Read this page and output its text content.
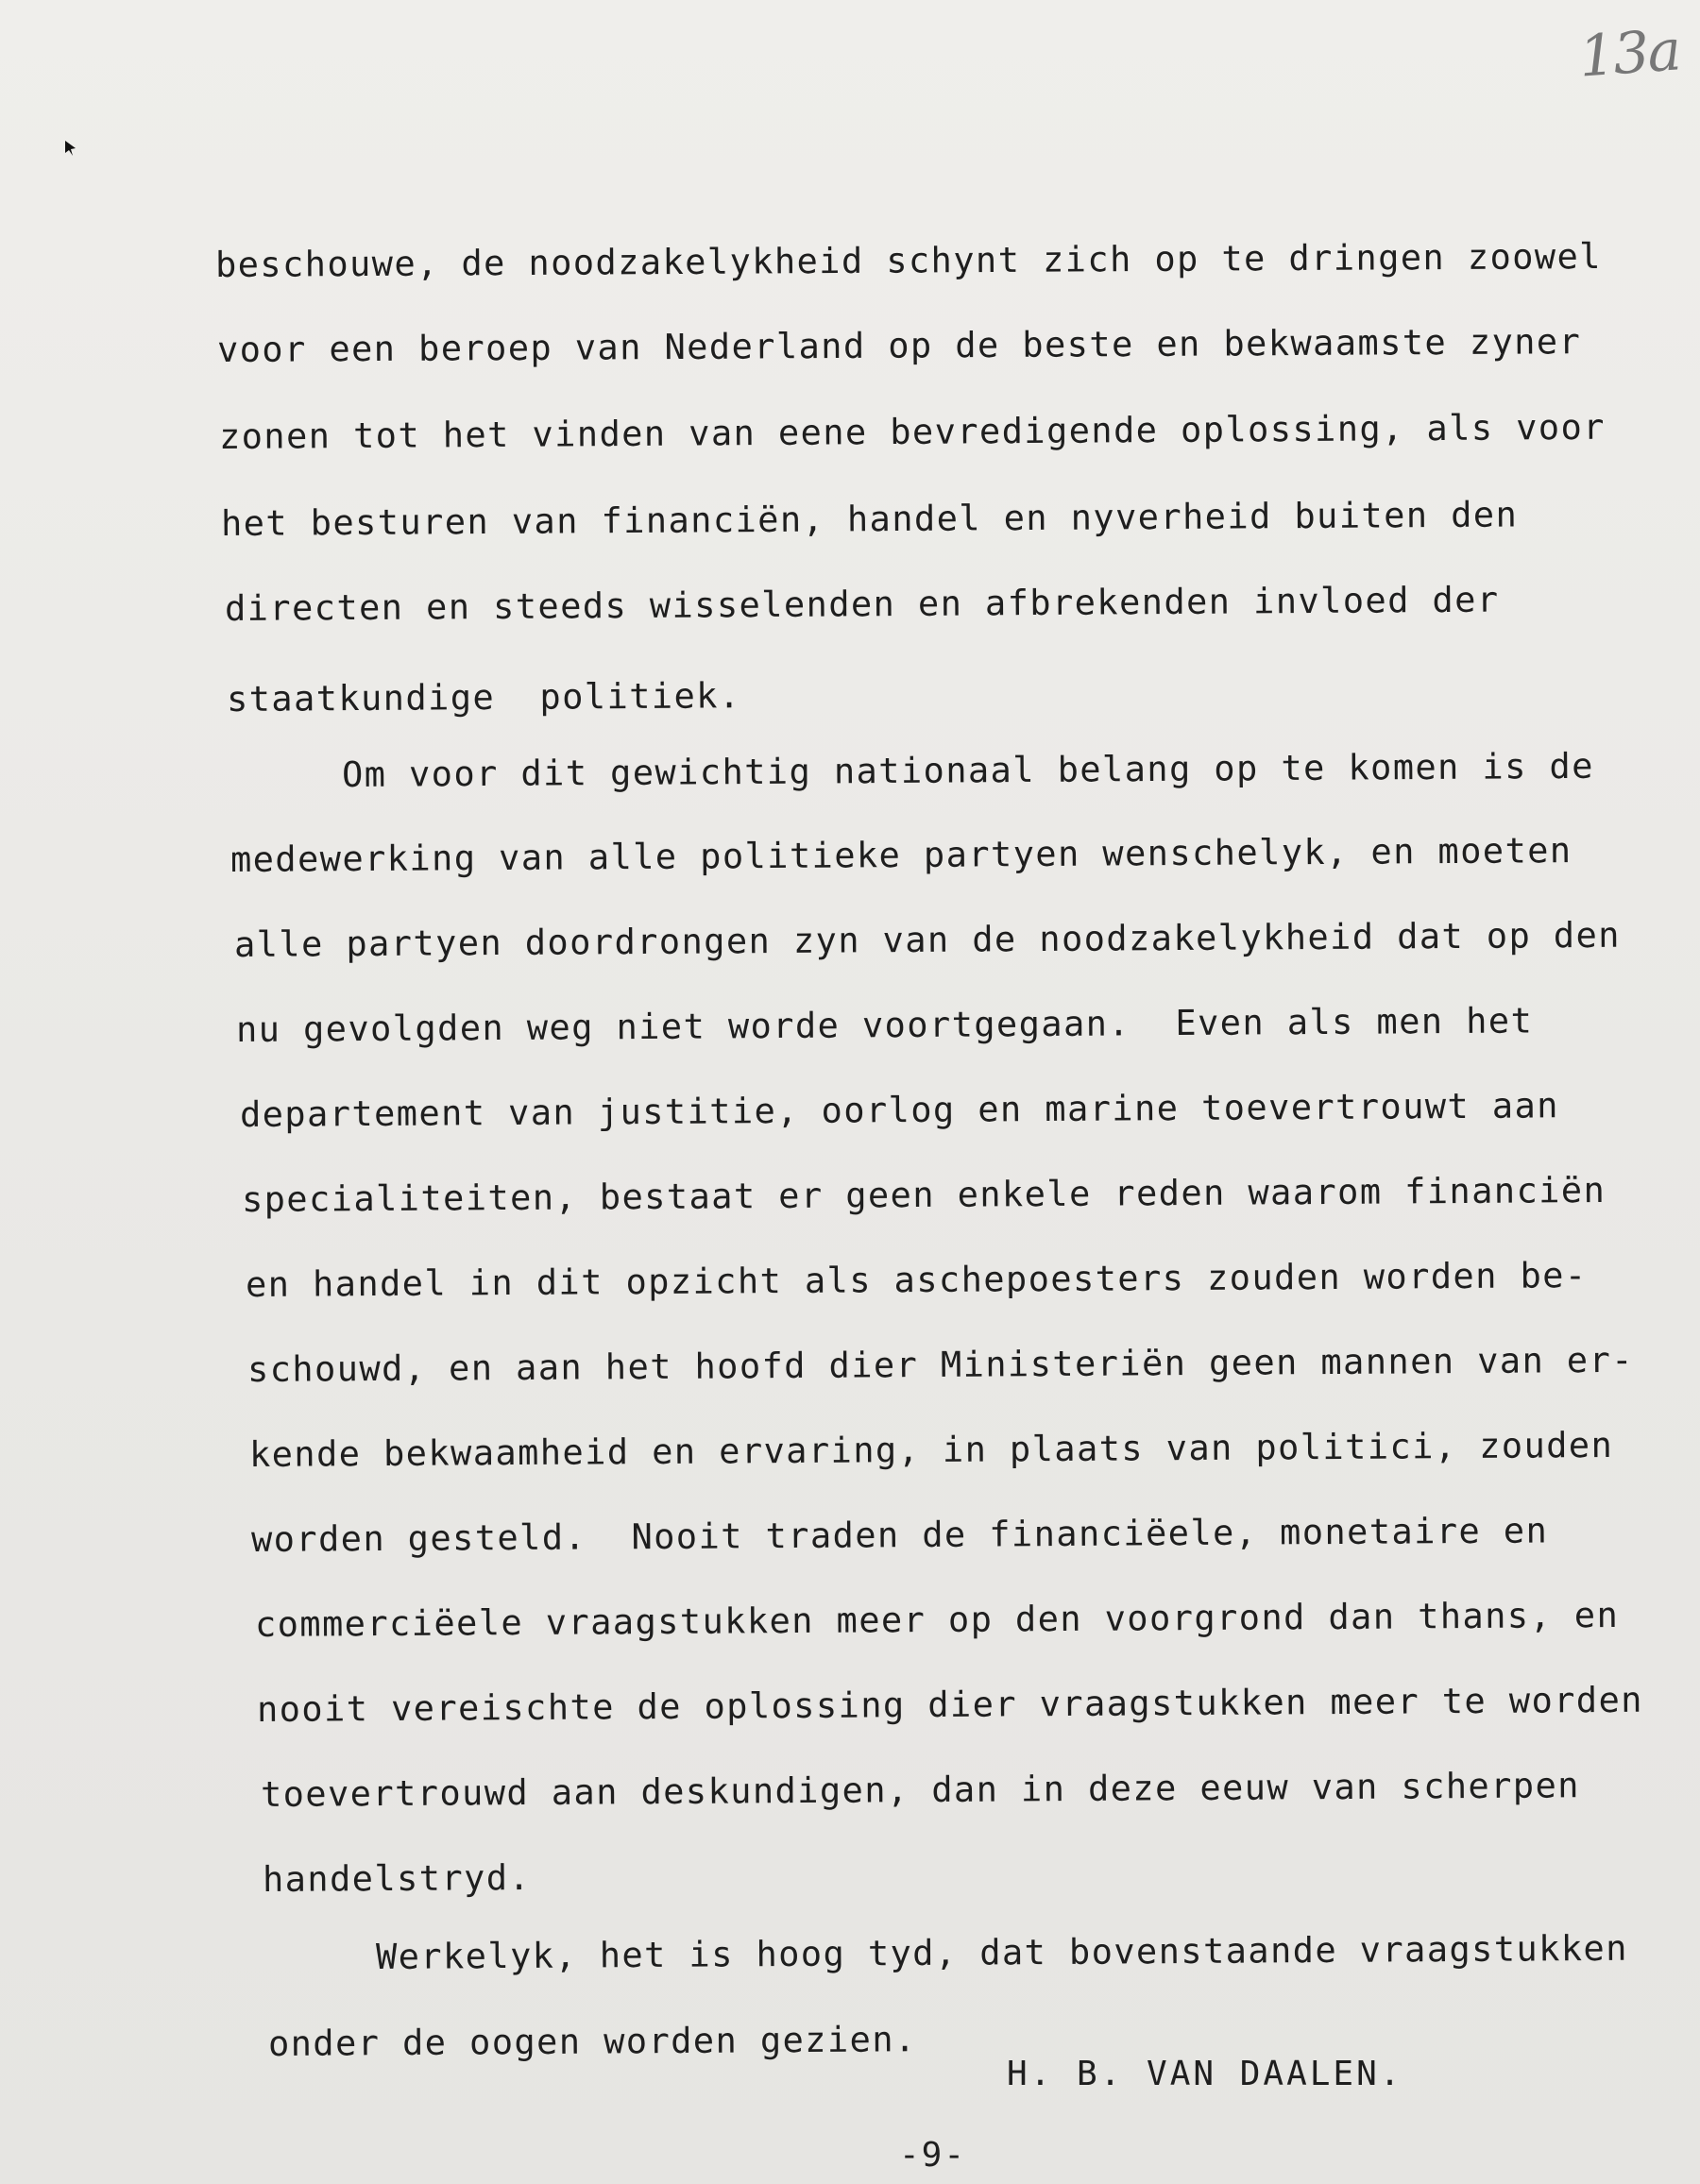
13a
beschouwe, de noodzakelykheid schynt zich op te dringen zoowel
voor een beroep van Nederland op de beste en bekwaamste zyner
zonen tot het vinden van eene bevredigende oplossing, als voor
het besturen van financiën, handel en nyverheid buiten den
directen en steeds wisselenden en afbrekenden invloed der
staatkundige  politiek.
Om voor dit gewichtig nationaal belang op te komen is de
medewerking van alle politieke partyen wenschelyk, en moeten
alle partyen doordrongen zyn van de noodzakelykheid dat op den
nu gevolgden weg niet worde voortgegaan.  Even als men het
departement van justitie, oorlog en marine toevertrouwt aan
specialiteiten, bestaat er geen enkele reden waarom financiën
en handel in dit opzicht als aschepoesters zouden worden be-
schouwd, en aan het hoofd dier Ministeriën geen mannen van er-
kende bekwaamheid en ervaring, in plaats van politici, zouden
worden gesteld.  Nooit traden de financiëele, monetaire en
commerciëele vraagstukken meer op den voorgrond dan thans, en
nooit vereischte de oplossing dier vraagstukken meer te worden
toevertrouwd aan deskundigen, dan in deze eeuw van scherpen
handelstryd.
Werkelyk, het is hoog tyd, dat bovenstaande vraagstukken
onder de oogen worden gezien.
H. B. VAN DAALEN.
-9-
